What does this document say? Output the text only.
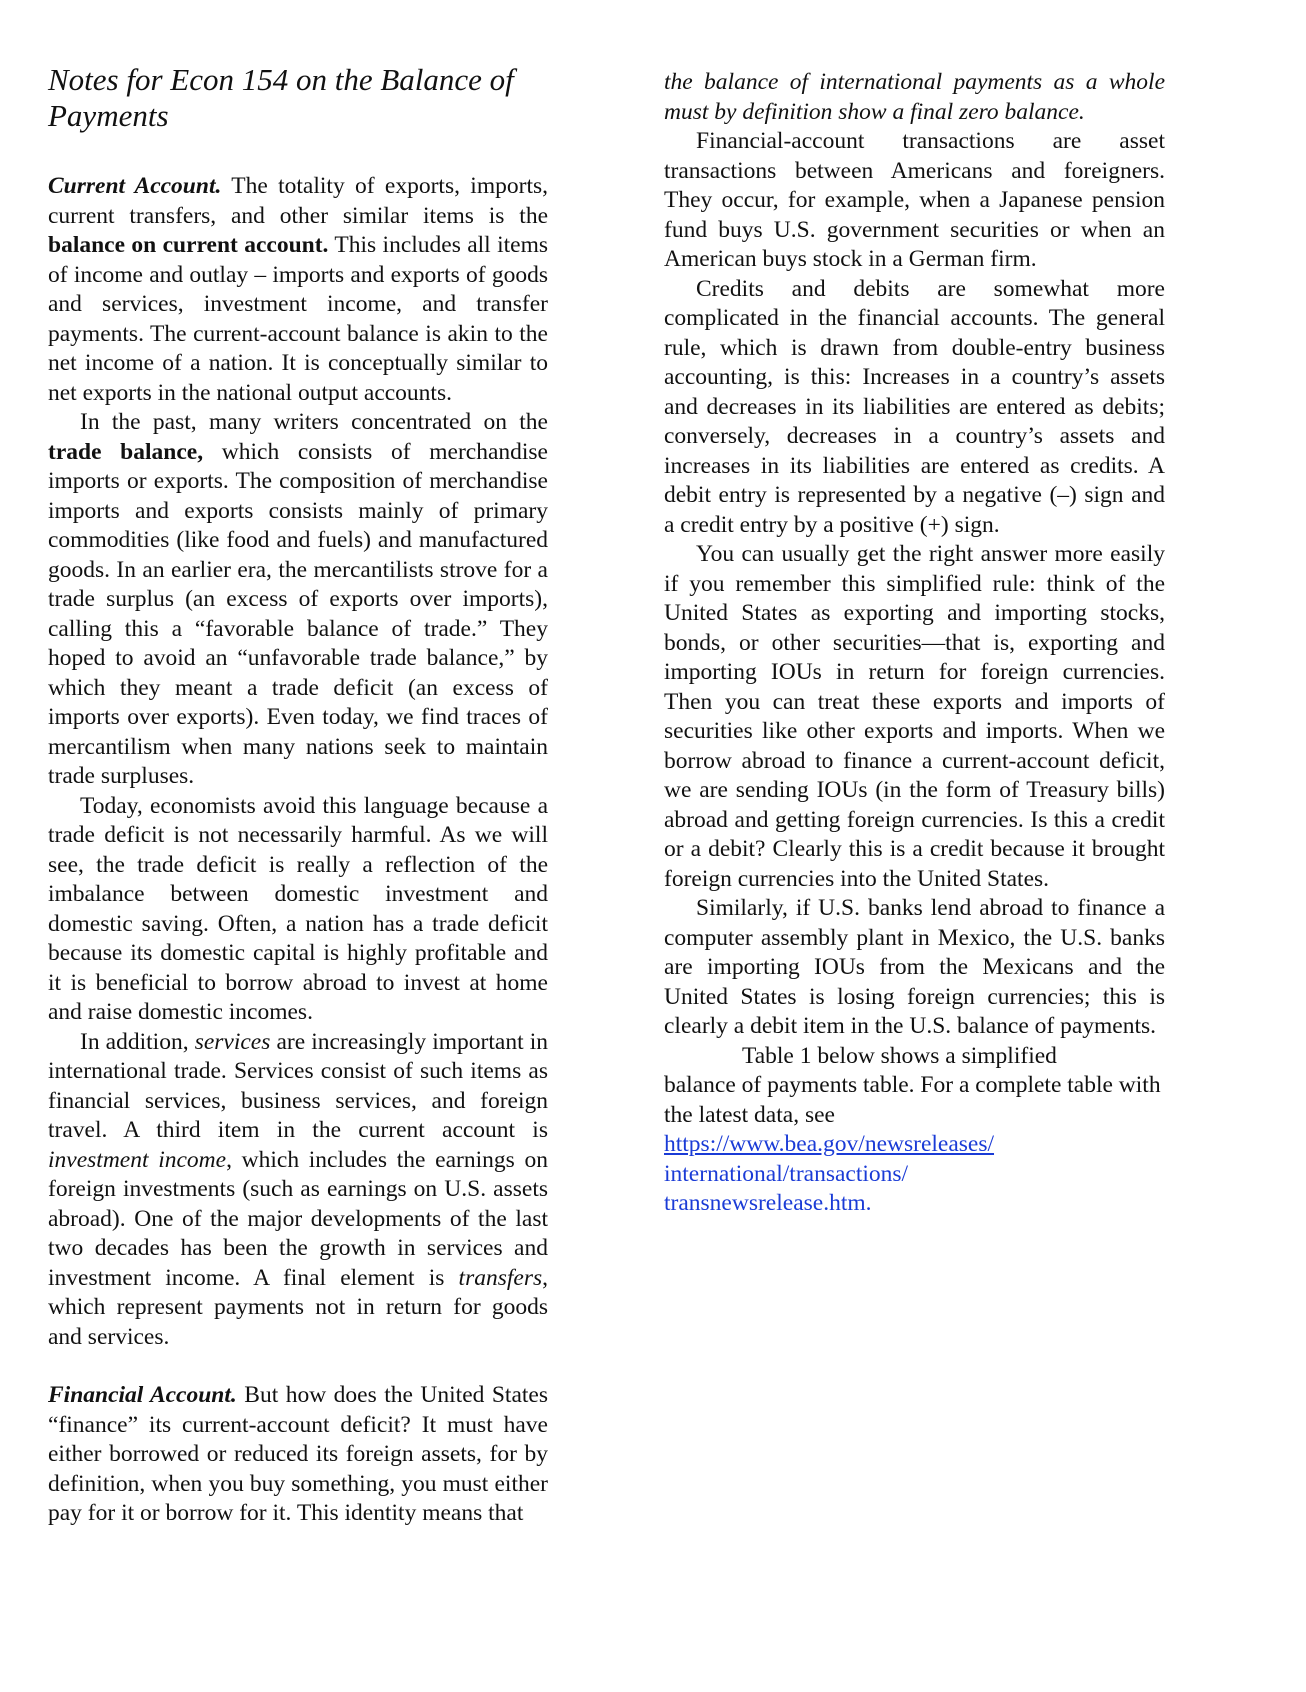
Notes for Econ 154 on the Balance of Payments

Current Account. The totality of exports, imports, current transfers, and other similar items is the balance on current account. This includes all items of income and outlay – imports and exports of goods and services, investment income, and transfer payments. The current-account balance is akin to the net income of a nation. It is conceptually similar to net exports in the national output accounts.

In the past, many writers concentrated on the trade balance, which consists of merchandise imports or exports. The composition of merchandise imports and exports consists mainly of primary commodities (like food and fuels) and manufactured goods. In an earlier era, the mercantilists strove for a trade surplus (an excess of exports over imports), calling this a “favorable balance of trade.” They hoped to avoid an “unfavorable trade balance,” by which they meant a trade deficit (an excess of imports over exports). Even today, we find traces of mercantilism when many nations seek to maintain trade surpluses.

Today, economists avoid this language because a trade deficit is not necessarily harmful. As we will see, the trade deficit is really a reflection of the imbalance between domestic investment and domestic saving. Often, a nation has a trade deficit because its domestic capital is highly profitable and it is beneficial to borrow abroad to invest at home and raise domestic incomes.

In addition, services are increasingly important in international trade. Services consist of such items as financial services, business services, and foreign travel. A third item in the current account is investment income, which includes the earnings on foreign investments (such as earnings on U.S. assets abroad). One of the major developments of the last two decades has been the growth in services and investment income. A final element is transfers, which represent payments not in return for goods and services.

Financial Account. But how does the United States “finance” its current-account deficit? It must have either borrowed or reduced its foreign assets, for by definition, when you buy something, you must either pay for it or borrow for it. This identity means that

the balance of international payments as a whole must by definition show a final zero balance.

Financial-account transactions are asset transactions between Americans and foreigners. They occur, for example, when a Japanese pension fund buys U.S. government securities or when an American buys stock in a German firm.

Credits and debits are somewhat more complicated in the financial accounts. The general rule, which is drawn from double-entry business accounting, is this: Increases in a country’s assets and decreases in its liabilities are entered as debits; conversely, decreases in a country’s assets and increases in its liabilities are entered as credits. A debit entry is represented by a negative (–) sign and a credit entry by a positive (+) sign.

You can usually get the right answer more easily if you remember this simplified rule: think of the United States as exporting and importing stocks, bonds, or other securities—that is, exporting and importing IOUs in return for foreign currencies. Then you can treat these exports and imports of securities like other exports and imports. When we borrow abroad to finance a current-account deficit, we are sending IOUs (in the form of Treasury bills) abroad and getting foreign currencies. Is this a credit or a debit? Clearly this is a credit because it brought foreign currencies into the United States.

Similarly, if U.S. banks lend abroad to finance a computer assembly plant in Mexico, the U.S. banks are importing IOUs from the Mexicans and the United States is losing foreign currencies; this is clearly a debit item in the U.S. balance of payments.

Table 1 below shows a simplified
balance of payments table. For a complete table with the latest data, see
https://www.bea.gov/newsreleases/
international/transactions/
transnewsrelease.htm.
